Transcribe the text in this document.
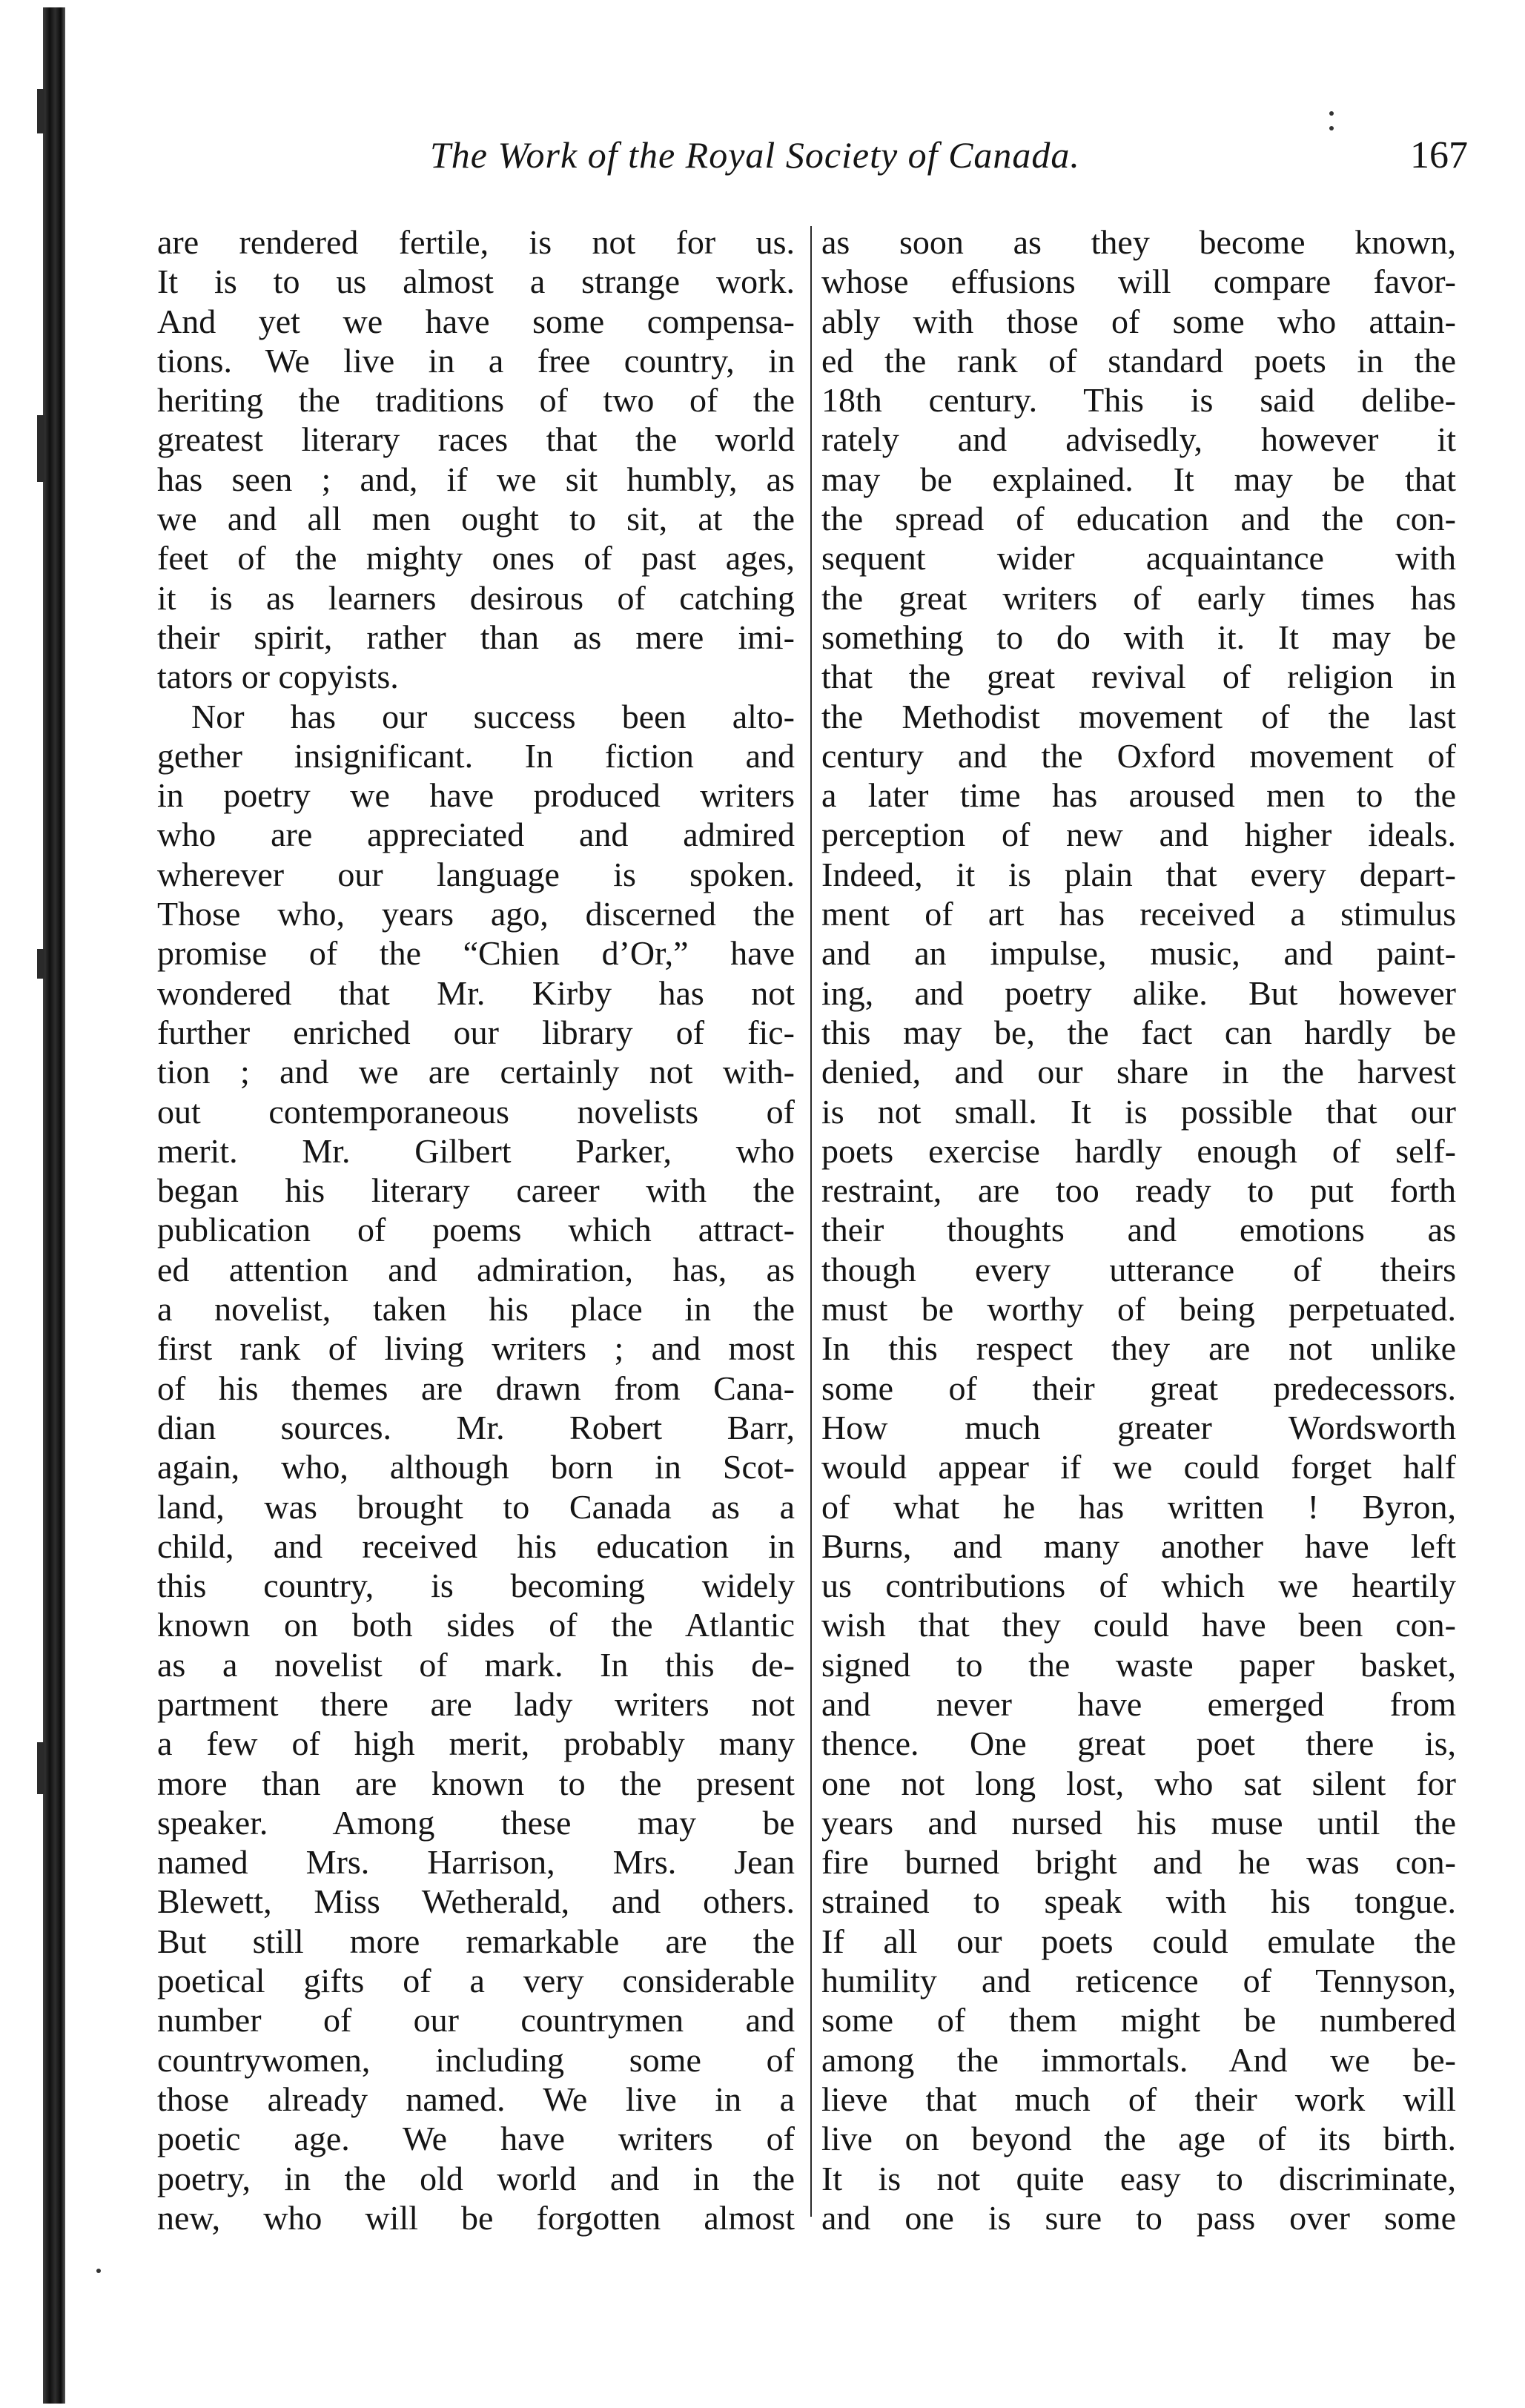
The Work of the Royal Society of Canada.	167
are rendered fertile, is not for us.
It is to us almost a strange work.
And yet we have some compensa-
tions. We live in a free country, in
heriting the traditions of two of the
greatest literary races that the world
has seen ; and, if we sit humbly, as
we and all men ought to sit, at the
feet of the mighty ones of past ages,
it is as learners desirous of catching
their spirit, rather than as mere imi-
tators or copyists.
Nor has our success been alto-
gether insignificant. In fiction and
in poetry we have produced writers
who are appreciated and admired
wherever our language is spoken.
Those who, years ago, discerned the
promise of the “Chien d’Or,” have
wondered that Mr. Kirby has not
further enriched our library of fic-
tion ; and we are certainly not with-
out contemporaneous novelists of
merit. Mr. Gilbert Parker, who
began his literary career with the
publication of poems which attract-
ed attention and admiration, has, as
a novelist, taken his place in the
first rank of living writers ; and most
of his themes are drawn from Cana-
dian sources. Mr. Robert Barr,
again, who, although born in Scot-
land, was brought to Canada as a
child, and received his education in
this country, is becoming widely
known on both sides of the Atlantic
as a novelist of mark. In this de-
partment there are lady writers not
a few of high merit, probably many
more than are known to the present
speaker. Among these may be
named Mrs. Harrison, Mrs. Jean
Blewett, Miss Wetherald, and others.
But still more remarkable are the
poetical gifts of a very considerable
number of our countrymen and
countrywomen, including some of
those already named. We live in a
poetic age. We have writers of
poetry, in the old world and in the
new, who will be forgotten almost
as soon as they become known,
whose effusions will compare favor-
ably with those of some who attain-
ed the rank of standard poets in the
18th century. This is said delibe-
rately and advisedly, however it
may be explained. It may be that
the spread of education and the con-
sequent wider acquaintance with
the great writers of early times has
something to do with it. It may be
that the great revival of religion in
the Methodist movement of the last
century and the Oxford movement of
a later time has aroused men to the
perception of new and higher ideals.
Indeed, it is plain that every depart-
ment of art has received a stimulus
and an impulse, music, and paint-
ing, and poetry alike. But however
this may be, the fact can hardly be
denied, and our share in the harvest
is not small. It is possible that our
poets exercise hardly enough of self-
restraint, are too ready to put forth
their thoughts and emotions as
though every utterance of theirs
must be worthy of being perpetuated.
In this respect they are not unlike
some of their great predecessors.
How much greater Wordsworth
would appear if we could forget half
of what he has written ! Byron,
Burns, and many another have left
us contributions of which we heartily
wish that they could have been con-
signed to the waste paper basket,
and never have emerged from
thence. One great poet there is,
one not long lost, who sat silent for
years and nursed his muse until the
fire burned bright and he was con-
strained to speak with his tongue.
If all our poets could emulate the
humility and reticence of Tennyson,
some of them might be numbered
among the immortals. And we be-
lieve that much of their work will
live on beyond the age of its birth.
It is not quite easy to discriminate,
and one is sure to pass over some
